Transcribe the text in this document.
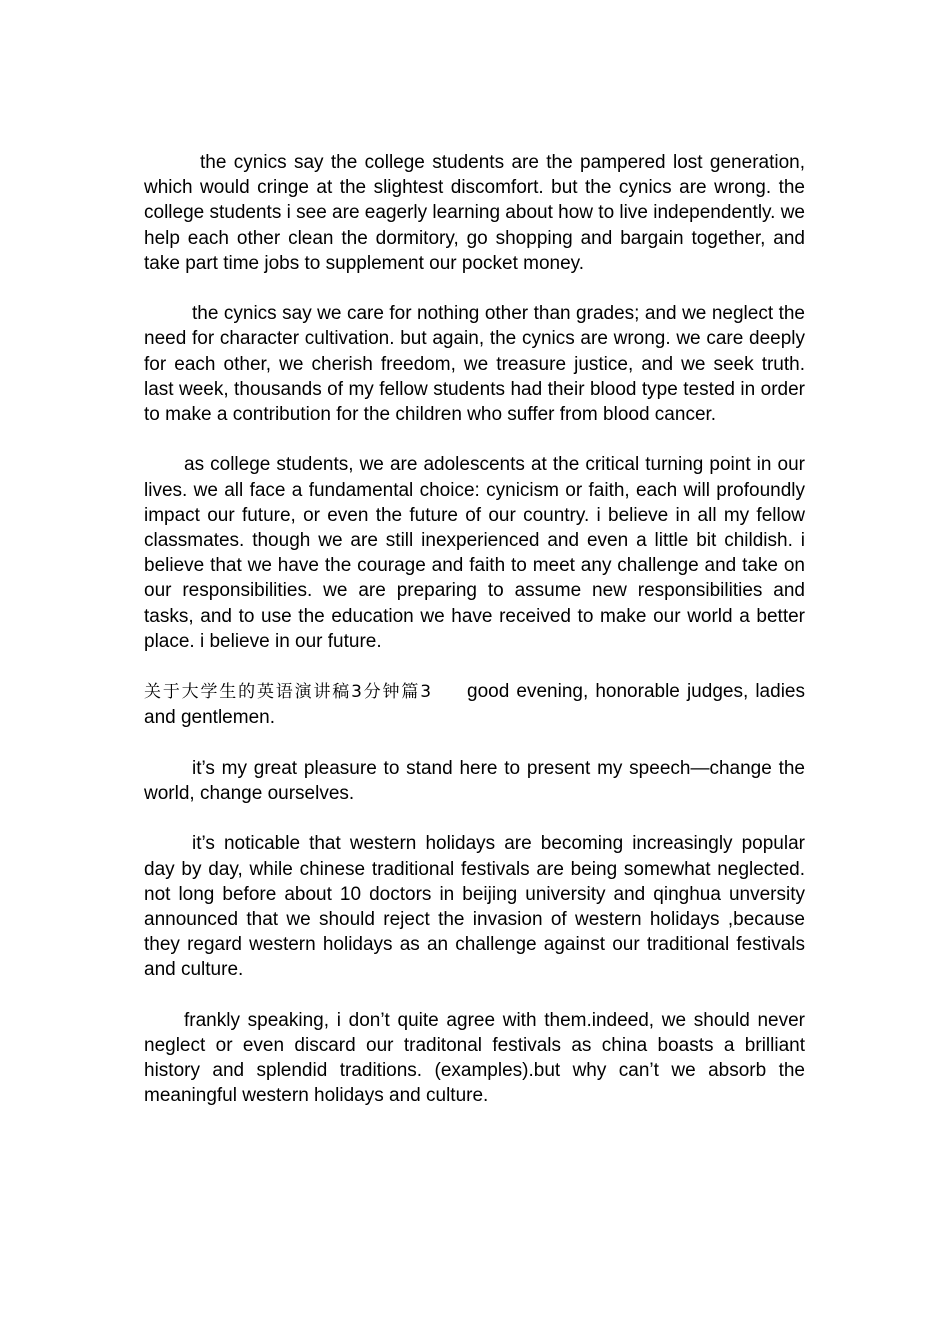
the cynics say the college students are the pampered lost generation, which would cringe at the slightest discomfort. but the cynics are wrong. the college students i see are eagerly learning about how to live independently. we help each other clean the dormitory, go shopping and bargain together, and take part time jobs to supplement our pocket money.

the cynics say we care for nothing other than grades; and we neglect the need for character cultivation. but again, the cynics are wrong. we care deeply for each other, we cherish freedom, we treasure justice, and we seek truth. last week, thousands of my fellow students had their blood type tested in order to make a contribution for the children who suffer from blood cancer.

as college students, we are adolescents at the critical turning point in our lives. we all face a fundamental choice: cynicism or faith, each will profoundly impact our future, or even the future of our country. i believe in all my fellow classmates. though we are still inexperienced and even a little bit childish. i believe that we have the courage and faith to meet any challenge and take on our responsibilities. we are preparing to assume new responsibilities and tasks, and to use the education we have received to make our world a better place. i believe in our future.

关于大学生的英语演讲稿3分钟篇3 good evening, honorable judges, ladies and gentlemen.

it’s my great pleasure to stand here to present my speech—change the world, change ourselves.

it’s noticable that western holidays are becoming increasingly popular day by day, while chinese traditional festivals are being somewhat neglected. not long before about 10 doctors in beijing university and qinghua unversity announced that we should reject the invasion of western holidays ,because they regard western holidays as an challenge against our traditional festivals and culture.

frankly speaking, i don’t quite agree with them.indeed, we should never neglect or even discard our traditonal festivals as china boasts a brilliant history and splendid traditions. (examples).but why can’t we absorb the meaningful western holidays and culture.
